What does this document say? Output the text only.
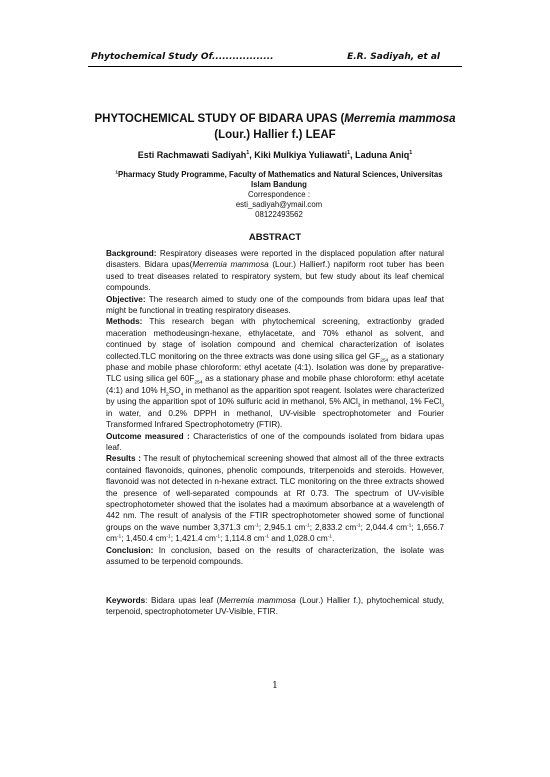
Phytochemical Study Of..................	E.R. Sadiyah, et al
PHYTOCHEMICAL STUDY OF BIDARA UPAS (Merremia mammosa
(Lour.) Hallier f.) LEAF
Esti Rachmawati Sadiyah$^1$, Kiki Mulkiya Yuliawati$^1$, Laduna Aniq$^1$
$^1$Pharmacy Study Programme, Faculty of Mathematics and Natural Sciences, Universitas
Islam Bandung
Correspondence :
esti_sadiyah@ymail.com
08122493562
ABSTRACT

Background: Respiratory diseases were reported in the displaced population after natural disasters. Bidara upas(Merremia mammosa (Lour.) Hallierf.) napiform root tuber has been used to treat diseases related to respiratory system, but few study about its leaf chemical compounds.

Objective: The research aimed to study one of the compounds from bidara upas leaf that might be functional in treating respiratory diseases.

Methods: This research began with phytochemical screening, extractionby graded maceration methodeusingn-hexane, ethylacetate, and 70% ethanol as solvent, and continued by stage of isolation compound and chemical characterization of isolates collected.TLC monitoring on the three extracts was done using silica gel $GF_{254}$ as a stationary phase and mobile phase chloroform: ethyl acetate (4:1). Isolation was done by preparative-TLC using silica gel $60F_{254}$ as a stationary phase and mobile phase chloroform: ethyl acetate (4:1) and 10% $H_2SO_4$ in methanol as the apparition spot reagent. Isolates were characterized by using the apparition spot of 10% sulfuric acid in methanol, 5% AlCl$_3$ in methanol, 1% FeCl$_3$ in water, and 0.2% DPPH in methanol, UV-visible spectrophotometer and Fourier Transformed Infrared Spectrophotometry (FTIR).

Outcome measured : Characteristics of one of the compounds isolated from bidara upas leaf.

Results : The result of phytochemical screening showed that almost all of the three extracts contained flavonoids, quinones, phenolic compounds, triterpenoids and steroids. However, flavonoid was not detected in n-hexane extract. TLC monitoring on the three extracts showed the presence of well-separated compounds at Rf 0.73. The spectrum of UV-visible spectrophotometer showed that the isolates had a maximum absorbance at a wavelength of 442 nm. The result of analysis of the FTIR spectrophotometer showed some of functional groups on the wave number 3,371.3 $cm^{-1}$; 2,945.1 $cm^{-1}$; 2,833.2 $cm^{-1}$; 2,044.4 $cm^{-1}$; 1,656.7 $cm^{-1}$; 1,450.4 $cm^{-1}$; 1,421.4 $cm^{-1}$; 1,114.8 $cm^{-1}$ and 1,028.0 $cm^{-1}$.

Conclusion: In conclusion, based on the results of characterization, the isolate was assumed to be terpenoid compounds.

Keywords: Bidara upas leaf (Merremia mammosa (Lour.) Hallier f.), phytochemical study, terpenoid, spectrophotometer UV-Visible, FTIR.
1
